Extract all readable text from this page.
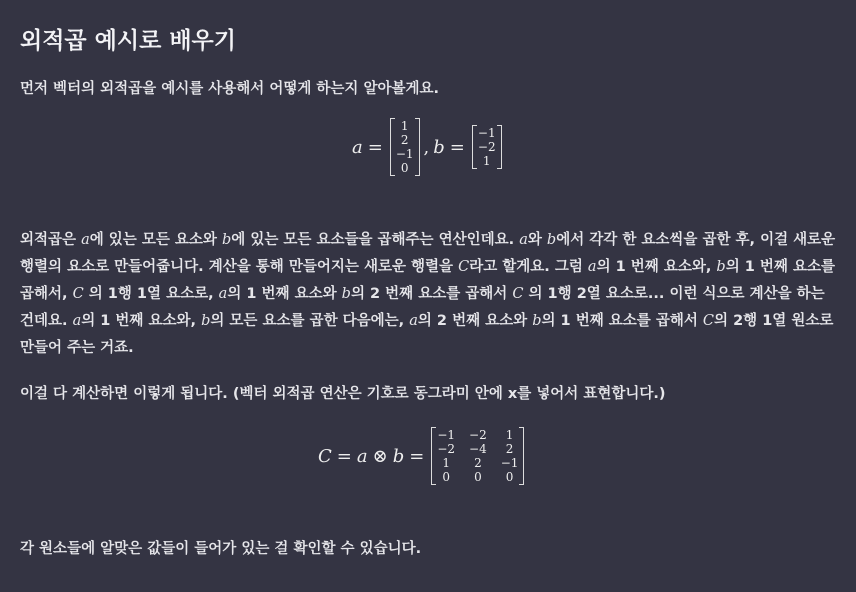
외적곱 예시로 배우기

먼저 벡터의 외적곱을 예시를 사용해서 어떻게 하는지 알아볼게요.

a =
1
2
−1
0
, b =
−1
−2
1

외적곱은 a에 있는 모든 요소와 b에 있는 모든 요소들을 곱해주는 연산인데요. a와 b에서 각각 한 요소씩을 곱한 후, 이걸 새로운 행렬의 요소로 만들어줍니다. 계산을 통해 만들어지는 새로운 행렬을 C라고 할게요. 그럼 a의 1 번째 요소와, b의 1 번째 요소를 곱해서, C 의 1행 1열 요소로, a의 1 번째 요소와 b의 2 번째 요소를 곱해서 C 의 1행 2열 요소로... 이런 식으로 계산을 하는 건데요. a의 1 번째 요소와, b의 모든 요소를 곱한 다음에는, a의 2 번째 요소와 b의 1 번째 요소를 곱해서 C의 2행 1열 원소로 만들어 주는 거죠.

이걸 다 계산하면 이렇게 됩니다. (벡터 외적곱 연산은 기호로 동그라미 안에 x를 넣어서 표현합니다.)

C = a ⊗ b =
−1 −2	1
−2 −4	2
1	2	−1
0	0	0

각 원소들에 알맞은 값들이 들어가 있는 걸 확인할 수 있습니다.
